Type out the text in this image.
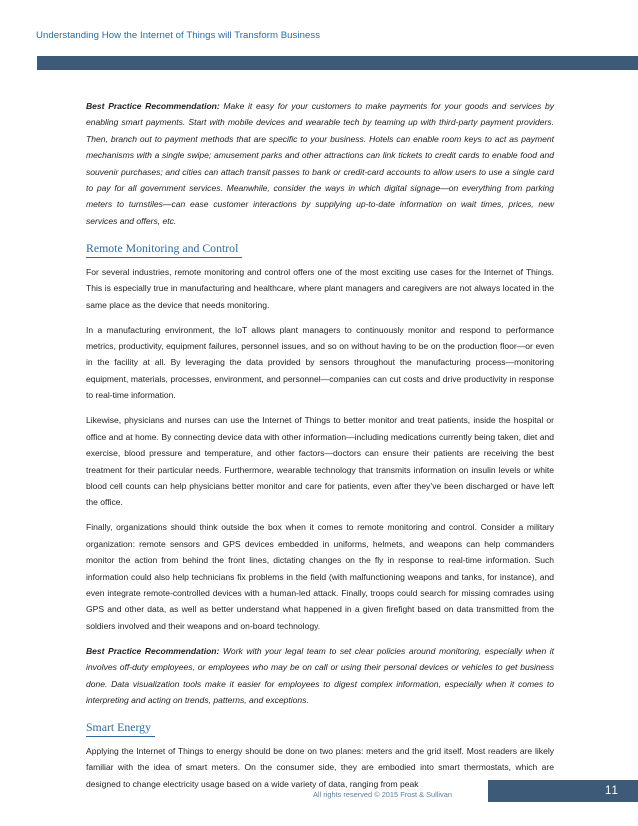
Understanding How the Internet of Things will Transform Business

Best Practice Recommendation: Make it easy for your customers to make payments for your goods and services by enabling smart payments. Start with mobile devices and wearable tech by teaming up with third-party payment providers. Then, branch out to payment methods that are specific to your business. Hotels can enable room keys to act as payment mechanisms with a single swipe; amusement parks and other attractions can link tickets to credit cards to enable food and souvenir purchases; and cities can attach transit passes to bank or credit-card accounts to allow users to use a single card to pay for all government services. Meanwhile, consider the ways in which digital signage—on everything from parking meters to turnstiles—can ease customer interactions by supplying up-to-date information on wait times, prices, new services and offers, etc.

Remote Monitoring and Control

For several industries, remote monitoring and control offers one of the most exciting use cases for the Internet of Things. This is especially true in manufacturing and healthcare, where plant managers and caregivers are not always located in the same place as the device that needs monitoring.

In a manufacturing environment, the IoT allows plant managers to continuously monitor and respond to performance metrics, productivity, equipment failures, personnel issues, and so on without having to be on the production floor—or even in the facility at all. By leveraging the data provided by sensors throughout the manufacturing process—monitoring equipment, materials, processes, environment, and personnel—companies can cut costs and drive productivity in response to real-time information.

Likewise, physicians and nurses can use the Internet of Things to better monitor and treat patients, inside the hospital or office and at home. By connecting device data with other information—including medications currently being taken, diet and exercise, blood pressure and temperature, and other factors—doctors can ensure their patients are receiving the best treatment for their particular needs. Furthermore, wearable technology that transmits information on insulin levels or white blood cell counts can help physicians better monitor and care for patients, even after they’ve been discharged or have left the office.

Finally, organizations should think outside the box when it comes to remote monitoring and control. Consider a military organization: remote sensors and GPS devices embedded in uniforms, helmets, and weapons can help commanders monitor the action from behind the front lines, dictating changes on the fly in response to real-time information. Such information could also help technicians fix problems in the field (with malfunctioning weapons and tanks, for instance), and even integrate remote-controlled devices with a human-led attack. Finally, troops could search for missing comrades using GPS and other data, as well as better understand what happened in a given firefight based on data transmitted from the soldiers involved and their weapons and on-board technology.

Best Practice Recommendation: Work with your legal team to set clear policies around monitoring, especially when it involves off-duty employees, or employees who may be on call or using their personal devices or vehicles to get business done. Data visualization tools make it easier for employees to digest complex information, especially when it comes to interpreting and acting on trends, patterns, and exceptions.

Smart Energy

Applying the Internet of Things to energy should be done on two planes: meters and the grid itself. Most readers are likely familiar with the idea of smart meters. On the consumer side, they are embodied into smart thermostats, which are designed to change electricity usage based on a wide variety of data, ranging from peak

All rights reserved © 2015 Frost & Sullivan	11
